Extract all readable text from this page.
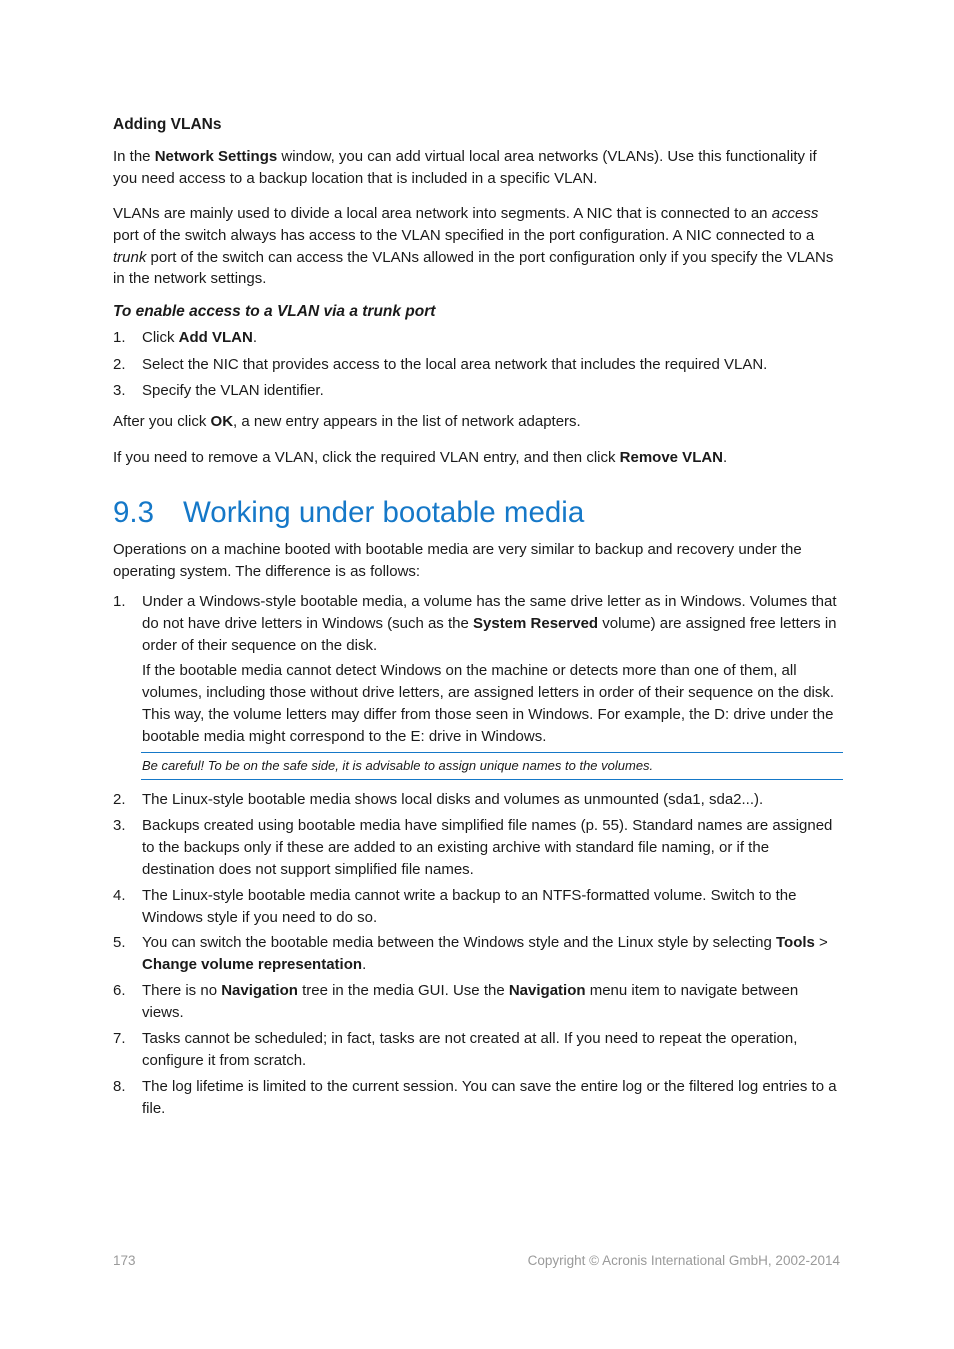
Adding VLANs

In the Network Settings window, you can add virtual local area networks (VLANs). Use this functionality if you need access to a backup location that is included in a specific VLAN.

VLANs are mainly used to divide a local area network into segments. A NIC that is connected to an access port of the switch always has access to the VLAN specified in the port configuration. A NIC connected to a trunk port of the switch can access the VLANs allowed in the port configuration only if you specify the VLANs in the network settings.

To enable access to a VLAN via a trunk port

1. Click Add VLAN.
2. Select the NIC that provides access to the local area network that includes the required VLAN.
3. Specify the VLAN identifier.

After you click OK, a new entry appears in the list of network adapters.

If you need to remove a VLAN, click the required VLAN entry, and then click Remove VLAN.

9.3 Working under bootable media

Operations on a machine booted with bootable media are very similar to backup and recovery under the operating system. The difference is as follows:

1. Under a Windows-style bootable media, a volume has the same drive letter as in Windows. Volumes that do not have drive letters in Windows (such as the System Reserved volume) are assigned free letters in order of their sequence on the disk.
If the bootable media cannot detect Windows on the machine or detects more than one of them, all volumes, including those without drive letters, are assigned letters in order of their sequence on the disk. This way, the volume letters may differ from those seen in Windows. For example, the D: drive under the bootable media might correspond to the E: drive in Windows.
Be careful! To be on the safe side, it is advisable to assign unique names to the volumes.
2. The Linux-style bootable media shows local disks and volumes as unmounted (sda1, sda2...).
3. Backups created using bootable media have simplified file names (p. 55). Standard names are assigned to the backups only if these are added to an existing archive with standard file naming, or if the destination does not support simplified file names.
4. The Linux-style bootable media cannot write a backup to an NTFS-formatted volume. Switch to the Windows style if you need to do so.
5. You can switch the bootable media between the Windows style and the Linux style by selecting Tools > Change volume representation.
6. There is no Navigation tree in the media GUI. Use the Navigation menu item to navigate between views.
7. Tasks cannot be scheduled; in fact, tasks are not created at all. If you need to repeat the operation, configure it from scratch.
8. The log lifetime is limited to the current session. You can save the entire log or the filtered log entries to a file.
173	Copyright © Acronis International GmbH, 2002-2014
